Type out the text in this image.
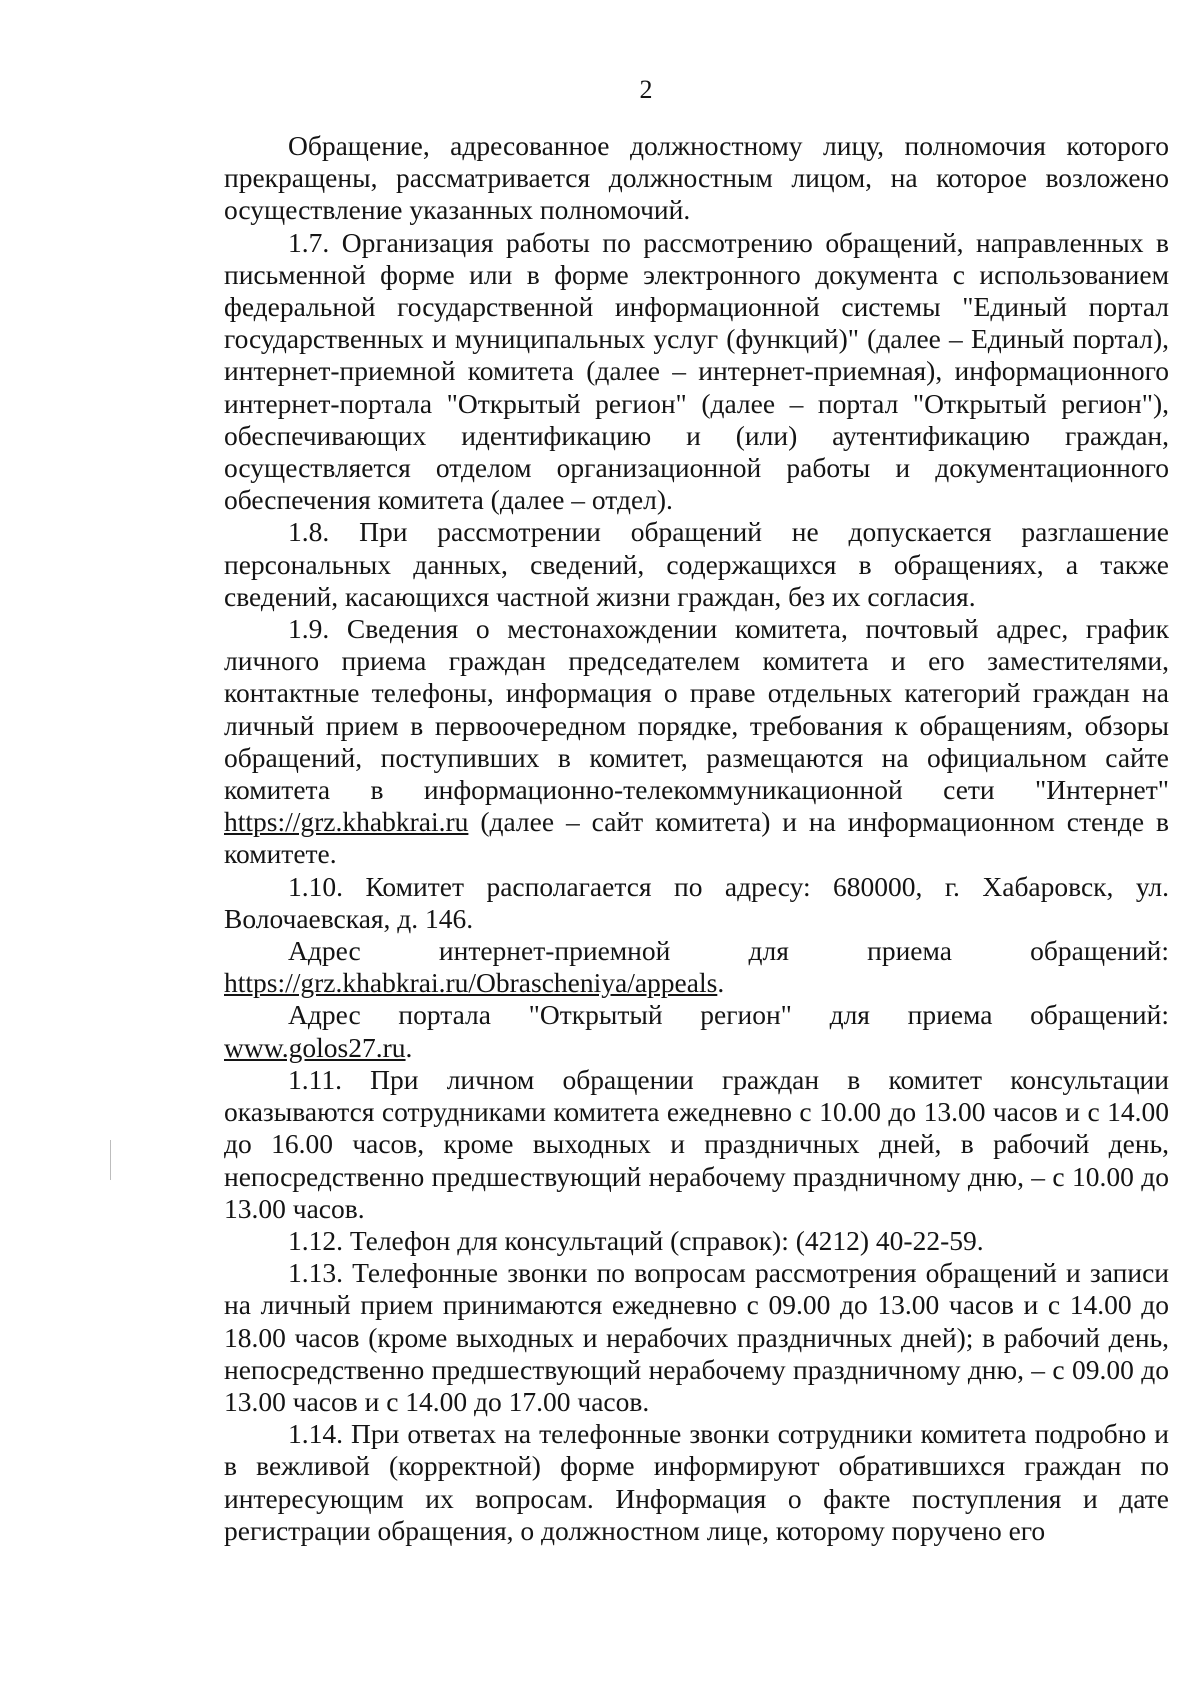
2

Обращение, адресованное должностному лицу, полномочия которого прекращены, рассматривается должностным лицом, на которое возложено осуществление указанных полномочий.

1.7. Организация работы по рассмотрению обращений, направленных в письменной форме или в форме электронного документа с использованием федеральной государственной информационной системы "Единый портал государственных и муниципальных услуг (функций)" (далее – Единый портал), интернет-приемной комитета (далее – интернет-приемная), информационного интернет-портала "Открытый регион" (далее – портал "Открытый регион"), обеспечивающих идентификацию и (или) аутентификацию граждан, осуществляется отделом организационной работы и документационного обеспечения комитета (далее – отдел).

1.8. При рассмотрении обращений не допускается разглашение персональных данных, сведений, содержащихся в обращениях, а также сведений, касающихся частной жизни граждан, без их согласия.

1.9. Сведения о местонахождении комитета, почтовый адрес, график личного приема граждан председателем комитета и его заместителями, контактные телефоны, информация о праве отдельных категорий граждан на личный прием в первоочередном порядке, требования к обращениям, обзоры обращений, поступивших в комитет, размещаются на официальном сайте комитета в информационно-телекоммуникационной сети "Интернет" https://grz.khabkrai.ru (далее – сайт комитета) и на информационном стенде в комитете.

1.10. Комитет располагается по адресу: 680000, г. Хабаровск, ул. Волочаевская, д. 146.

Адрес интернет-приемной для приема обращений:
https://grz.khabkrai.ru/Obrascheniya/appeals.

Адрес портала "Открытый регион" для приема обращений:
www.golos27.ru.

1.11. При личном обращении граждан в комитет консультации оказываются сотрудниками комитета ежедневно с 10.00 до 13.00 часов и с 14.00 до 16.00 часов, кроме выходных и праздничных дней, в рабочий день, непосредственно предшествующий нерабочему праздничному дню, – с 10.00 до 13.00 часов.

1.12. Телефон для консультаций (справок): (4212) 40-22-59.

1.13. Телефонные звонки по вопросам рассмотрения обращений и записи на личный прием принимаются ежедневно с 09.00 до 13.00 часов и с 14.00 до 18.00 часов (кроме выходных и нерабочих праздничных дней); в рабочий день, непосредственно предшествующий нерабочему праздничному дню, – с 09.00 до 13.00 часов и с 14.00 до 17.00 часов.

1.14. При ответах на телефонные звонки сотрудники комитета подробно и в вежливой (корректной) форме информируют обратившихся граждан по интересующим их вопросам. Информация о факте поступления и дате регистрации обращения, о должностном лице, которому поручено его
